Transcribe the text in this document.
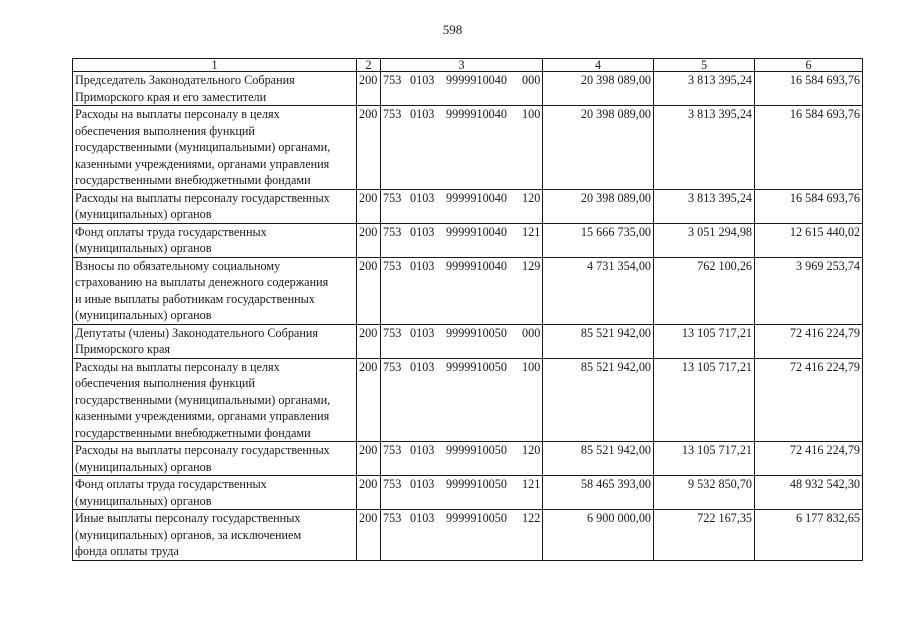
598
1	2	3	4	5	6

Председатель Законодательного Собрания
Приморского края и его заместители	200	753 0103 9999910040 000	20 398 089,00	3 813 395,24	16 584 693,76

Расходы на выплаты персоналу в целях
обеспечения выполнения функций
государственными (муниципальными) органами,
казенными учреждениями, органами управления
государственными внебюджетными фондами	200	753 0103 9999910040 100	20 398 089,00	3 813 395,24	16 584 693,76

Расходы на выплаты персоналу государственных
(муниципальных) органов	200	753 0103 9999910040 120	20 398 089,00	3 813 395,24	16 584 693,76

Фонд оплаты труда государственных
(муниципальных) органов	200	753 0103 9999910040 121	15 666 735,00	3 051 294,98	12 615 440,02

Взносы по обязательному социальному
страхованию на выплаты денежного содержания
и иные выплаты работникам государственных
(муниципальных) органов	200	753 0103 9999910040 129	4 731 354,00	762 100,26	3 969 253,74

Депутаты (члены) Законодательного Собрания
Приморского края	200	753 0103 9999910050 000	85 521 942,00	13 105 717,21	72 416 224,79

Расходы на выплаты персоналу в целях
обеспечения выполнения функций
государственными (муниципальными) органами,
казенными учреждениями, органами управления
государственными внебюджетными фондами	200	753 0103 9999910050 100	85 521 942,00	13 105 717,21	72 416 224,79

Расходы на выплаты персоналу государственных
(муниципальных) органов	200	753 0103 9999910050 120	85 521 942,00	13 105 717,21	72 416 224,79

Фонд оплаты труда государственных
(муниципальных) органов	200	753 0103 9999910050 121	58 465 393,00	9 532 850,70	48 932 542,30

Иные выплаты персоналу государственных
(муниципальных) органов, за исключением
фонда оплаты труда	200	753 0103 9999910050 122	6 900 000,00	722 167,35	6 177 832,65
